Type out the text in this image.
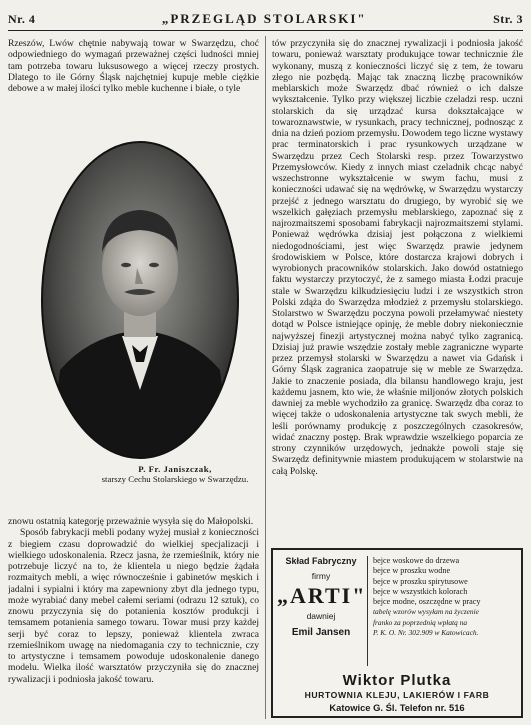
Nr. 4	„PRZEGLĄD STOLARSKI"	Str. 3

Rzeszów, Lwów chętnie nabywają towar w Swarzędzu, choć odpowiedniego do wymagań przeważnej części ludności mniej tam potrzeba towaru luksusowego a więcej rzeczy prostych. Dlatego to ile Górny Śląsk najchętniej kupuje meble ciężkie debowe a w małej ilości tylko meble kuchenne i białe, o tyle

P. Fr. Janiszczak,
starszy Cechu Stolarskiego w Swarzędzu.

znowu ostatnią kategorję przeważnie wysyła się do Małopolski.

Sposób fabrykacji mebli podany wyżej musiał z konieczności z biegiem czasu doprowadzić do wielkiej specjalizacji i wielkiego udoskonalenia. Rzecz jasna, że rzemieślnik, który nie potrzebuje liczyć na to, że klientela u niego będzie żądała rozmaitych mebli, a więc równocześnie i gabinetów męskich i jadalni i sypialni i który ma zapewniony zbyt dla jednego typu, może wyrabiać dany mebel całemi seriami (odrazu 12 sztuk), co znowu przyczynia się do potanienia kosztów produkcji i temsamem potanienia samego towaru. Towar musi przy każdej serji być coraz to lepszy, ponieważ klientela zwraca rzemieślnikom uwagę na niedomagania czy to technicznie, czy to artystyczne i temsamem powoduje udoskonalenie danego modelu. Wielka ilość warsztatów przyczyniła się do znacznej rywalizacji i podniosła jakość towaru.

tów przyczyniła się do znacznej rywalizacji i podniosła jakość towaru, ponieważ warsztaty produkujące towar technicznie źle wykonany, muszą z konieczności liczyć się z tem, że towaru złego nie pozbędą. Mając tak znaczną liczbę pracowników meblarskich może Swarzędz dbać również o ich dalsze wykształcenie. Tylko przy większej liczbie czeladzi resp. uczni stolarskich da się urządzać kursa dokształcające w towaroznawstwie, w rysunkach, pracy technicznej, podnosząc z dnia na dzień poziom przemysłu. Dowodem tego liczne wystawy prac terminatorskich i prac rysunkowych urządzane w Swarzędzu przez Cech Stolarski resp. przez Towarzystwo Przemysłowców. Kiedy z innych miast czeladnik chcąc nabyć wszechstronne wykształcenie w swym fachu, musi z konieczności udawać się na wędrówkę, w Swarzędzu wystarczy przejść z jednego warsztatu do drugiego, by wyrobić się we wszelkich gałęziach przemysłu meblarskiego, zapoznać się z najrozmaitszemi sposobami fabrykacji najrozmaitszemi stylami. Ponieważ wędrówka dzisiaj jest połączona z wielkiemi niedogodnościami, jest więc Swarzędz prawie jedynem środowiskiem w Polsce, które dostarcza krajowi dobrych i wyrobionych pracowników stolarskich. Jako dowód ostatniego faktu wystarczy przytoczyć, że z samego miasta Łodzi pracuje stale w Swarzędzu kilkudziesięciu ludzi i ze wszystkich stron Polski zdąża do Swarzędza młodzież z przemysłu stolarskiego. Stolarstwo w Swarzędzu poczyna powoli przełamywać niestety dotąd w Polsce istniejące opinję, że meble dobry niekoniecznie najwyższej finezji artystycznej można nabyć tylko zagranicą. Dzisiaj już prawie wszędzie zostały meble zagraniczne wyparte przez przemysł stolarski w Swarzędzu a nawet via Gdańsk i Górny Śląsk zagranica zaopatruje się w meble ze Swarzędza. Jakie to znaczenie posiada, dla bilansu handlowego kraju, jest każdemu jasnem, kto wie, że właśnie miljonów złotych polskich dawniej za meble wychodziło za granicę. Swarzędz dba coraz to więcej także o udoskonalenia artystyczne tak swych mebli, że leśli porównamy produkcję z poszczególnych czasokresów, widać znaczny postęp. Brak wprawdzie wszelkiego poparcia ze strony czynników urzędowych, jednakże powoli staje się Swarzędz definitywnie miastem produkującem w stolarstwie na całą Polskę.

Skład Fabryczny
firmy
„ARTI"
dawniej
Emil Jansen
bejce woskowe do drzewa
bejce w proszku wodne
bejce w proszku spirytusowe
bejce w wszystkich kolorach
bejce modne, oszczędne w pracy
tabelę wzorów wysyłam na życzenie
franko za poprzednią wpłatą na
P. K. O. Nr. 302.909 w Katowicach.
Wiktor Plutka
HURTOWNIA KLEJU, LAKIERÓW I FARB
Katowice G. Śl. Telefon nr. 516
